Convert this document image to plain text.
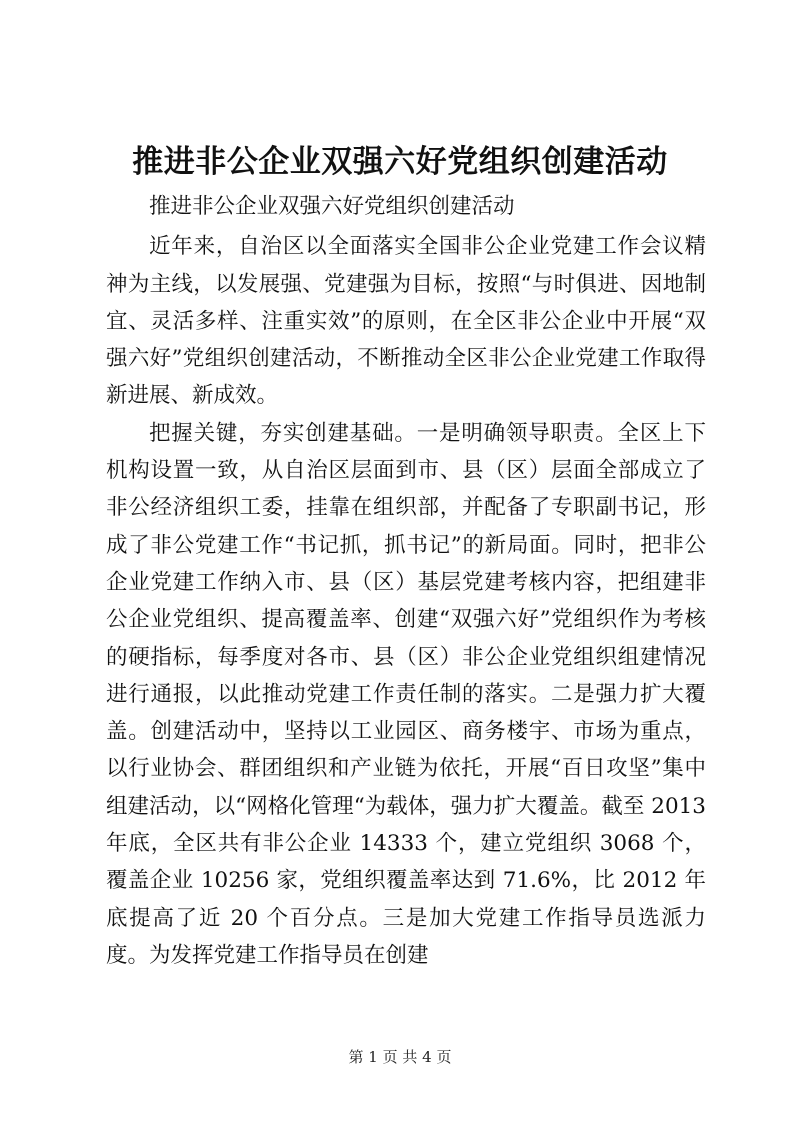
推进非公企业双强六好党组织创建活动

推进非公企业双强六好党组织创建活动

近年来，自治区以全面落实全国非公企业党建工作会议精神为主线，以发展强、党建强为目标，按照“与时俱进、因地制宜、灵活多样、注重实效”的原则，在全区非公企业中开展“双强六好”党组织创建活动，不断推动全区非公企业党建工作取得新进展、新成效。

把握关键，夯实创建基础。一是明确领导职责。全区上下机构设置一致，从自治区层面到市、县（区）层面全部成立了非公经济组织工委，挂靠在组织部，并配备了专职副书记，形成了非公党建工作“书记抓，抓书记”的新局面。同时，把非公企业党建工作纳入市、县（区）基层党建考核内容，把组建非公企业党组织、提高覆盖率、创建“双强六好”党组织作为考核的硬指标，每季度对各市、县（区）非公企业党组织组建情况进行通报，以此推动党建工作责任制的落实。二是强力扩大覆盖。创建活动中，坚持以工业园区、商务楼宇、市场为重点，以行业协会、群团组织和产业链为依托，开展“百日攻坚”集中组建活动，以“网格化管理“为载体，强力扩大覆盖。截至 2013 年底，全区共有非公企业 14333 个，建立党组织 3068 个，覆盖企业 10256 家，党组织覆盖率达到 71.6%，比 2012 年底提高了近 20 个百分点。三是加大党建工作指导员选派力度。为发挥党建工作指导员在创建

第 1 页 共 4 页
